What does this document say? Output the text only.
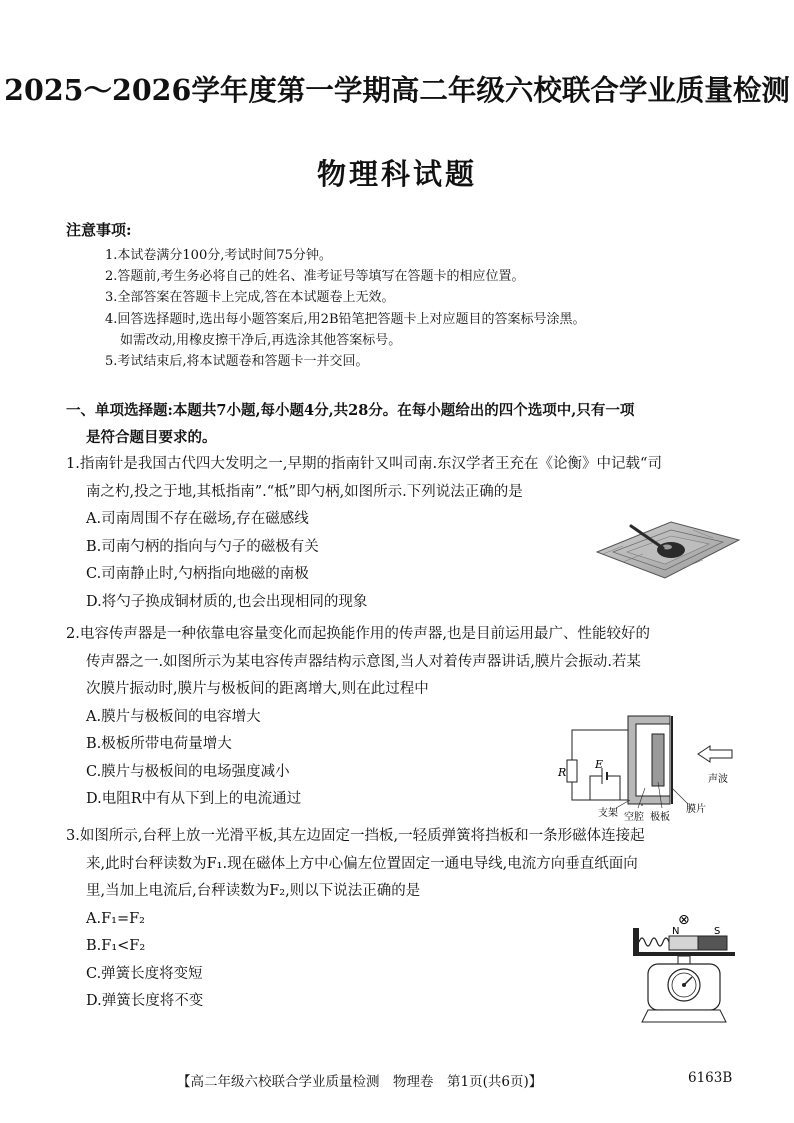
2025～2026学年度第一学期高二年级六校联合学业质量检测
物理科试题
注意事项:
1.本试卷满分100分,考试时间75分钟。
2.答题前,考生务必将自己的姓名、准考证号等填写在答题卡的相应位置。
3.全部答案在答题卡上完成,答在本试题卷上无效。
4.回答选择题时,选出每小题答案后,用2B铅笔把答题卡上对应题目的答案标号涂黑。
如需改动,用橡皮擦干净后,再选涂其他答案标号。
5.考试结束后,将本试题卷和答题卡一并交回。
一、单项选择题:本题共7小题,每小题4分,共28分。在每小题给出的四个选项中,只有一项
是符合题目要求的。
1.指南针是我国古代四大发明之一,早期的指南针又叫司南.东汉学者王充在《论衡》中记载“司
南之杓,投之于地,其柢指南”.“柢”即勺柄,如图所示.下列说法正确的是
A.司南周围不存在磁场,存在磁感线
B.司南勺柄的指向与勺子的磁极有关
C.司南静止时,勺柄指向地磁的南极
D.将勺子换成铜材质的,也会出现相同的现象
2.电容传声器是一种依靠电容量变化而起换能作用的传声器,也是目前运用最广、性能较好的
传声器之一.如图所示为某电容传声器结构示意图,当人对着传声器讲话,膜片会振动.若某
次膜片振动时,膜片与极板间的距离增大,则在此过程中
A.膜片与极板间的电容增大
B.极板所带电荷量增大
C.膜片与极板间的电场强度减小
D.电阻R中有从下到上的电流通过
R
E
声波
支架 空腔 极板
膜片
3.如图所示,台秤上放一光滑平板,其左边固定一挡板,一轻质弹簧将挡板和一条形磁体连接起
来,此时台秤读数为F₁.现在磁体上方中心偏左位置固定一通电导线,电流方向垂直纸面向
里,当加上电流后,台秤读数为F₂,则以下说法正确的是
A.F₁=F₂
B.F₁<F₂
C.弹簧长度将变短
D.弹簧长度将不变
⊗
N	S
【高二年级六校联合学业质量检测　物理卷　第1页(共6页)】	6163B
